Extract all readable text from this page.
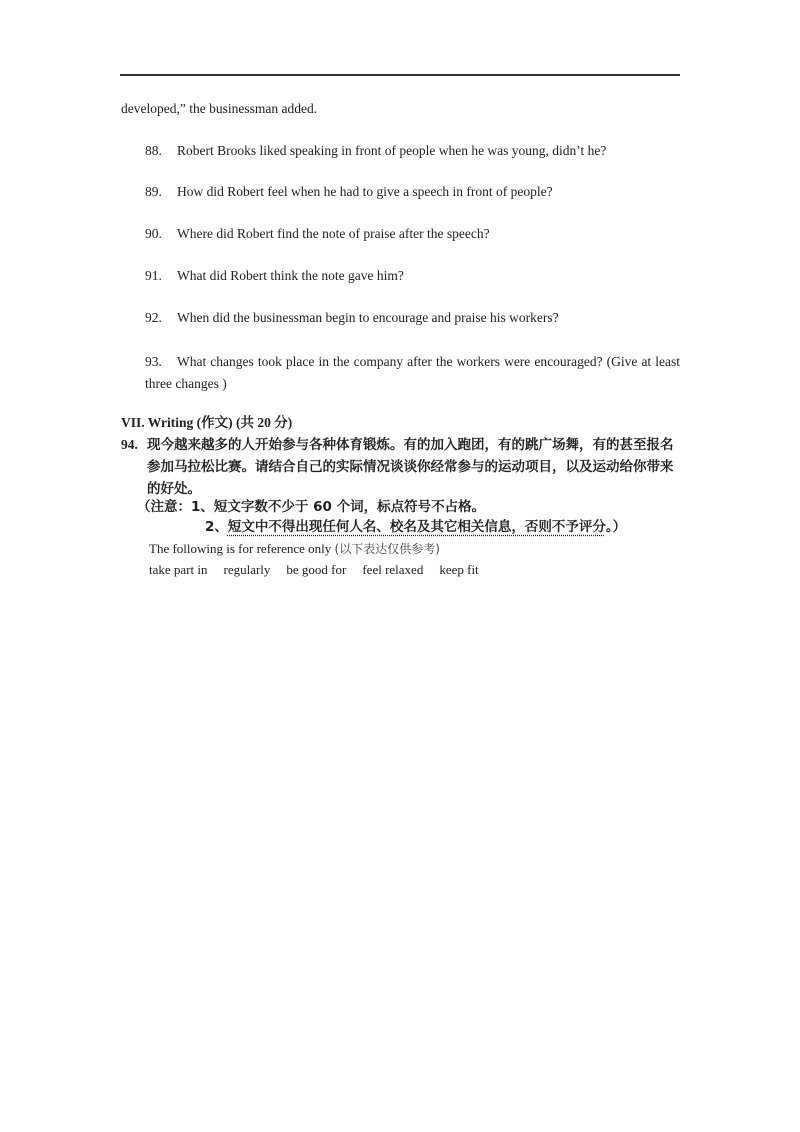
developed,” the businessman added.
88. Robert Brooks liked speaking in front of people when he was young, didn’t he?
89. How did Robert feel when he had to give a speech in front of people?
90. Where did Robert find the note of praise after the speech?
91. What did Robert think the note gave him?
92. When did the businessman begin to encourage and praise his workers?
93. What changes took place in the company after the workers were encouraged? (Give at least three changes )
VII. Writing (作文) (共 20 分)
94. 现今越来越多的人开始参与各种体育锻炼。有的加入跑团，有的跳广场舞，有的甚至报名参加马拉松比赛。请结合自己的实际情况谈谈你经常参与的运动项目，以及运动给你带来的好处。
（注意：1、短文字数不少于 60 个词，标点符号不占格。
2、短文中不得出现任何人名、校名及其它相关信息，否则不予评分。）
The following is for reference only (以下表达仅供参考)
take part in regularly be good for feel relaxed keep fit
